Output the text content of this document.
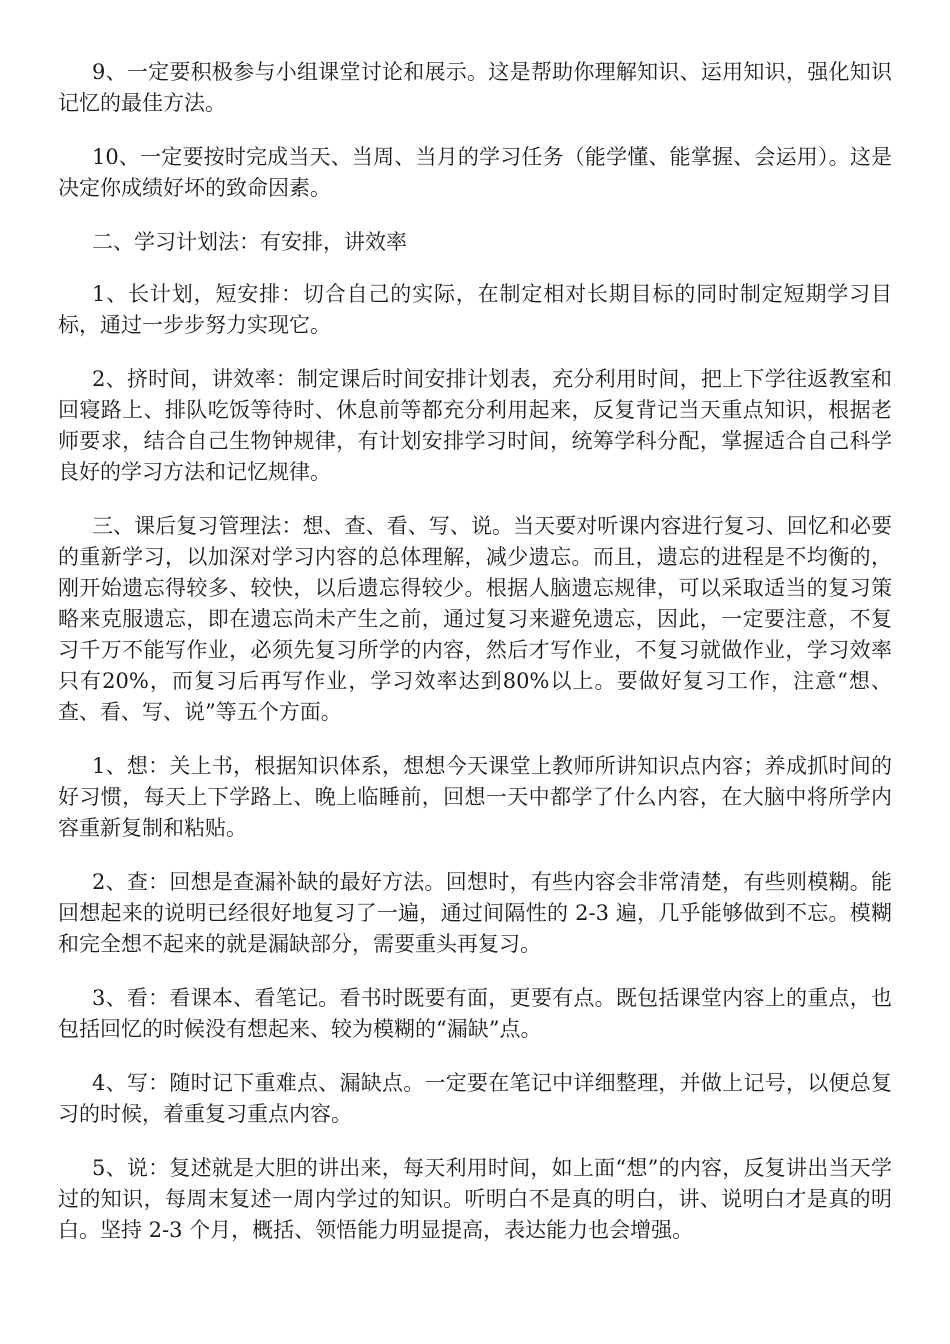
9、一定要积极参与小组课堂讨论和展示。这是帮助你理解知识、运用知识，强化知识记忆的最佳方法。

10、一定要按时完成当天、当周、当月的学习任务（能学懂、能掌握、会运用）。这是决定你成绩好坏的致命因素。

二、学习计划法：有安排，讲效率

1、长计划，短安排：切合自己的实际，在制定相对长期目标的同时制定短期学习目标，通过一步步努力实现它。

2、挤时间，讲效率：制定课后时间安排计划表，充分利用时间，把上下学往返教室和回寝路上、排队吃饭等待时、休息前等都充分利用起来，反复背记当天重点知识，根据老师要求，结合自己生物钟规律，有计划安排学习时间，统筹学科分配，掌握适合自己科学良好的学习方法和记忆规律。

三、课后复习管理法：想、查、看、写、说。当天要对听课内容进行复习、回忆和必要的重新学习，以加深对学习内容的总体理解，减少遗忘。而且，遗忘的进程是不均衡的，刚开始遗忘得较多、较快，以后遗忘得较少。根据人脑遗忘规律，可以采取适当的复习策略来克服遗忘，即在遗忘尚未产生之前，通过复习来避免遗忘，因此，一定要注意，不复习千万不能写作业，必须先复习所学的内容，然后才写作业，不复习就做作业，学习效率只有20%，而复习后再写作业，学习效率达到80%以上。要做好复习工作，注意“想、查、看、写、说”等五个方面。

1、想：关上书，根据知识体系，想想今天课堂上教师所讲知识点内容；养成抓时间的好习惯，每天上下学路上、晚上临睡前，回想一天中都学了什么内容，在大脑中将所学内容重新复制和粘贴。

2、查：回想是查漏补缺的最好方法。回想时，有些内容会非常清楚，有些则模糊。能回想起来的说明已经很好地复习了一遍，通过间隔性的 2-3 遍，几乎能够做到不忘。模糊和完全想不起来的就是漏缺部分，需要重头再复习。

3、看：看课本、看笔记。看书时既要有面，更要有点。既包括课堂内容上的重点，也包括回忆的时候没有想起来、较为模糊的“漏缺”点。

4、写：随时记下重难点、漏缺点。一定要在笔记中详细整理，并做上记号，以便总复习的时候，着重复习重点内容。

5、说：复述就是大胆的讲出来，每天利用时间，如上面“想”的内容，反复讲出当天学过的知识，每周末复述一周内学过的知识。听明白不是真的明白，讲、说明白才是真的明白。坚持 2-3 个月，概括、领悟能力明显提高，表达能力也会增强。
